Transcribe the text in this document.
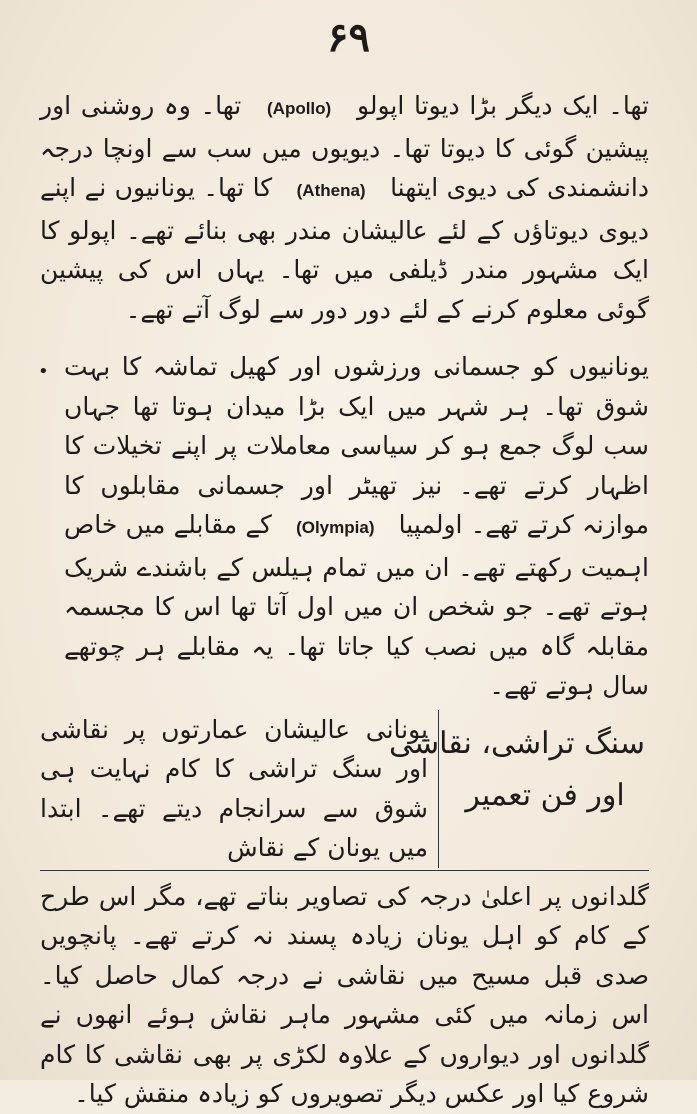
۶۹

تھا۔ ایک دیگر بڑا دیوتا اپولو (Apollo) تھا۔ وہ روشنی اور پیشین گوئی کا دیوتا تھا۔ دیویوں میں سب سے اونچا درجہ دانشمندی کی دیوی ایتھنا (Athena) کا تھا۔ یونانیوں نے اپنے دیوی دیوتاؤں کے لئے عالیشان مندر بھی بنائے تھے۔ اپولو کا ایک مشہور مندر ڈیلفی میں تھا۔ یہاں اس کی پیشین گوئی معلوم کرنے کے لئے دور دور سے لوگ آتے تھے۔

• یونانیوں کو جسمانی ورزشوں اور کھیل تماشہ کا بہت شوق تھا۔ ہر شہر میں ایک بڑا میدان ہوتا تھا جہاں سب لوگ جمع ہو کر سیاسی معاملات پر اپنے تخیلات کا اظہار کرتے تھے۔ نیز تھیٹر اور جسمانی مقابلوں کا موازنہ کرتے تھے۔ اولمپیا (Olympia) کے مقابلے میں خاص اہمیت رکھتے تھے۔ ان میں تمام ہیلس کے باشندے شریک ہوتے تھے۔ جو شخص ان میں اول آتا تھا اس کا مجسمہ مقابلہ گاہ میں نصب کیا جاتا تھا۔ یہ مقابلے ہر چوتھے سال ہوتے تھے۔

سنگ تراشی، نقاشی
اور فن تعمیر
یونانی عالیشان عمارتوں پر نقاشی اور سنگ تراشی کا کام نہایت ہی شوق سے سرانجام دیتے تھے۔ ابتدا میں یونان کے نقاش

گلدانوں پر اعلیٰ درجہ کی تصاویر بناتے تھے، مگر اس طرح کے کام کو اہل یونان زیادہ پسند نہ کرتے تھے۔ پانچویں صدی قبل مسیح میں نقاشی نے درجہ کمال حاصل کیا۔ اس زمانہ میں کئی مشہور ماہر نقاش ہوئے انھوں نے گلدانوں اور دیواروں کے علاوہ لکڑی پر بھی نقاشی کا کام شروع کیا اور عکس دیگر تصویروں کو زیادہ منقش کیا۔
